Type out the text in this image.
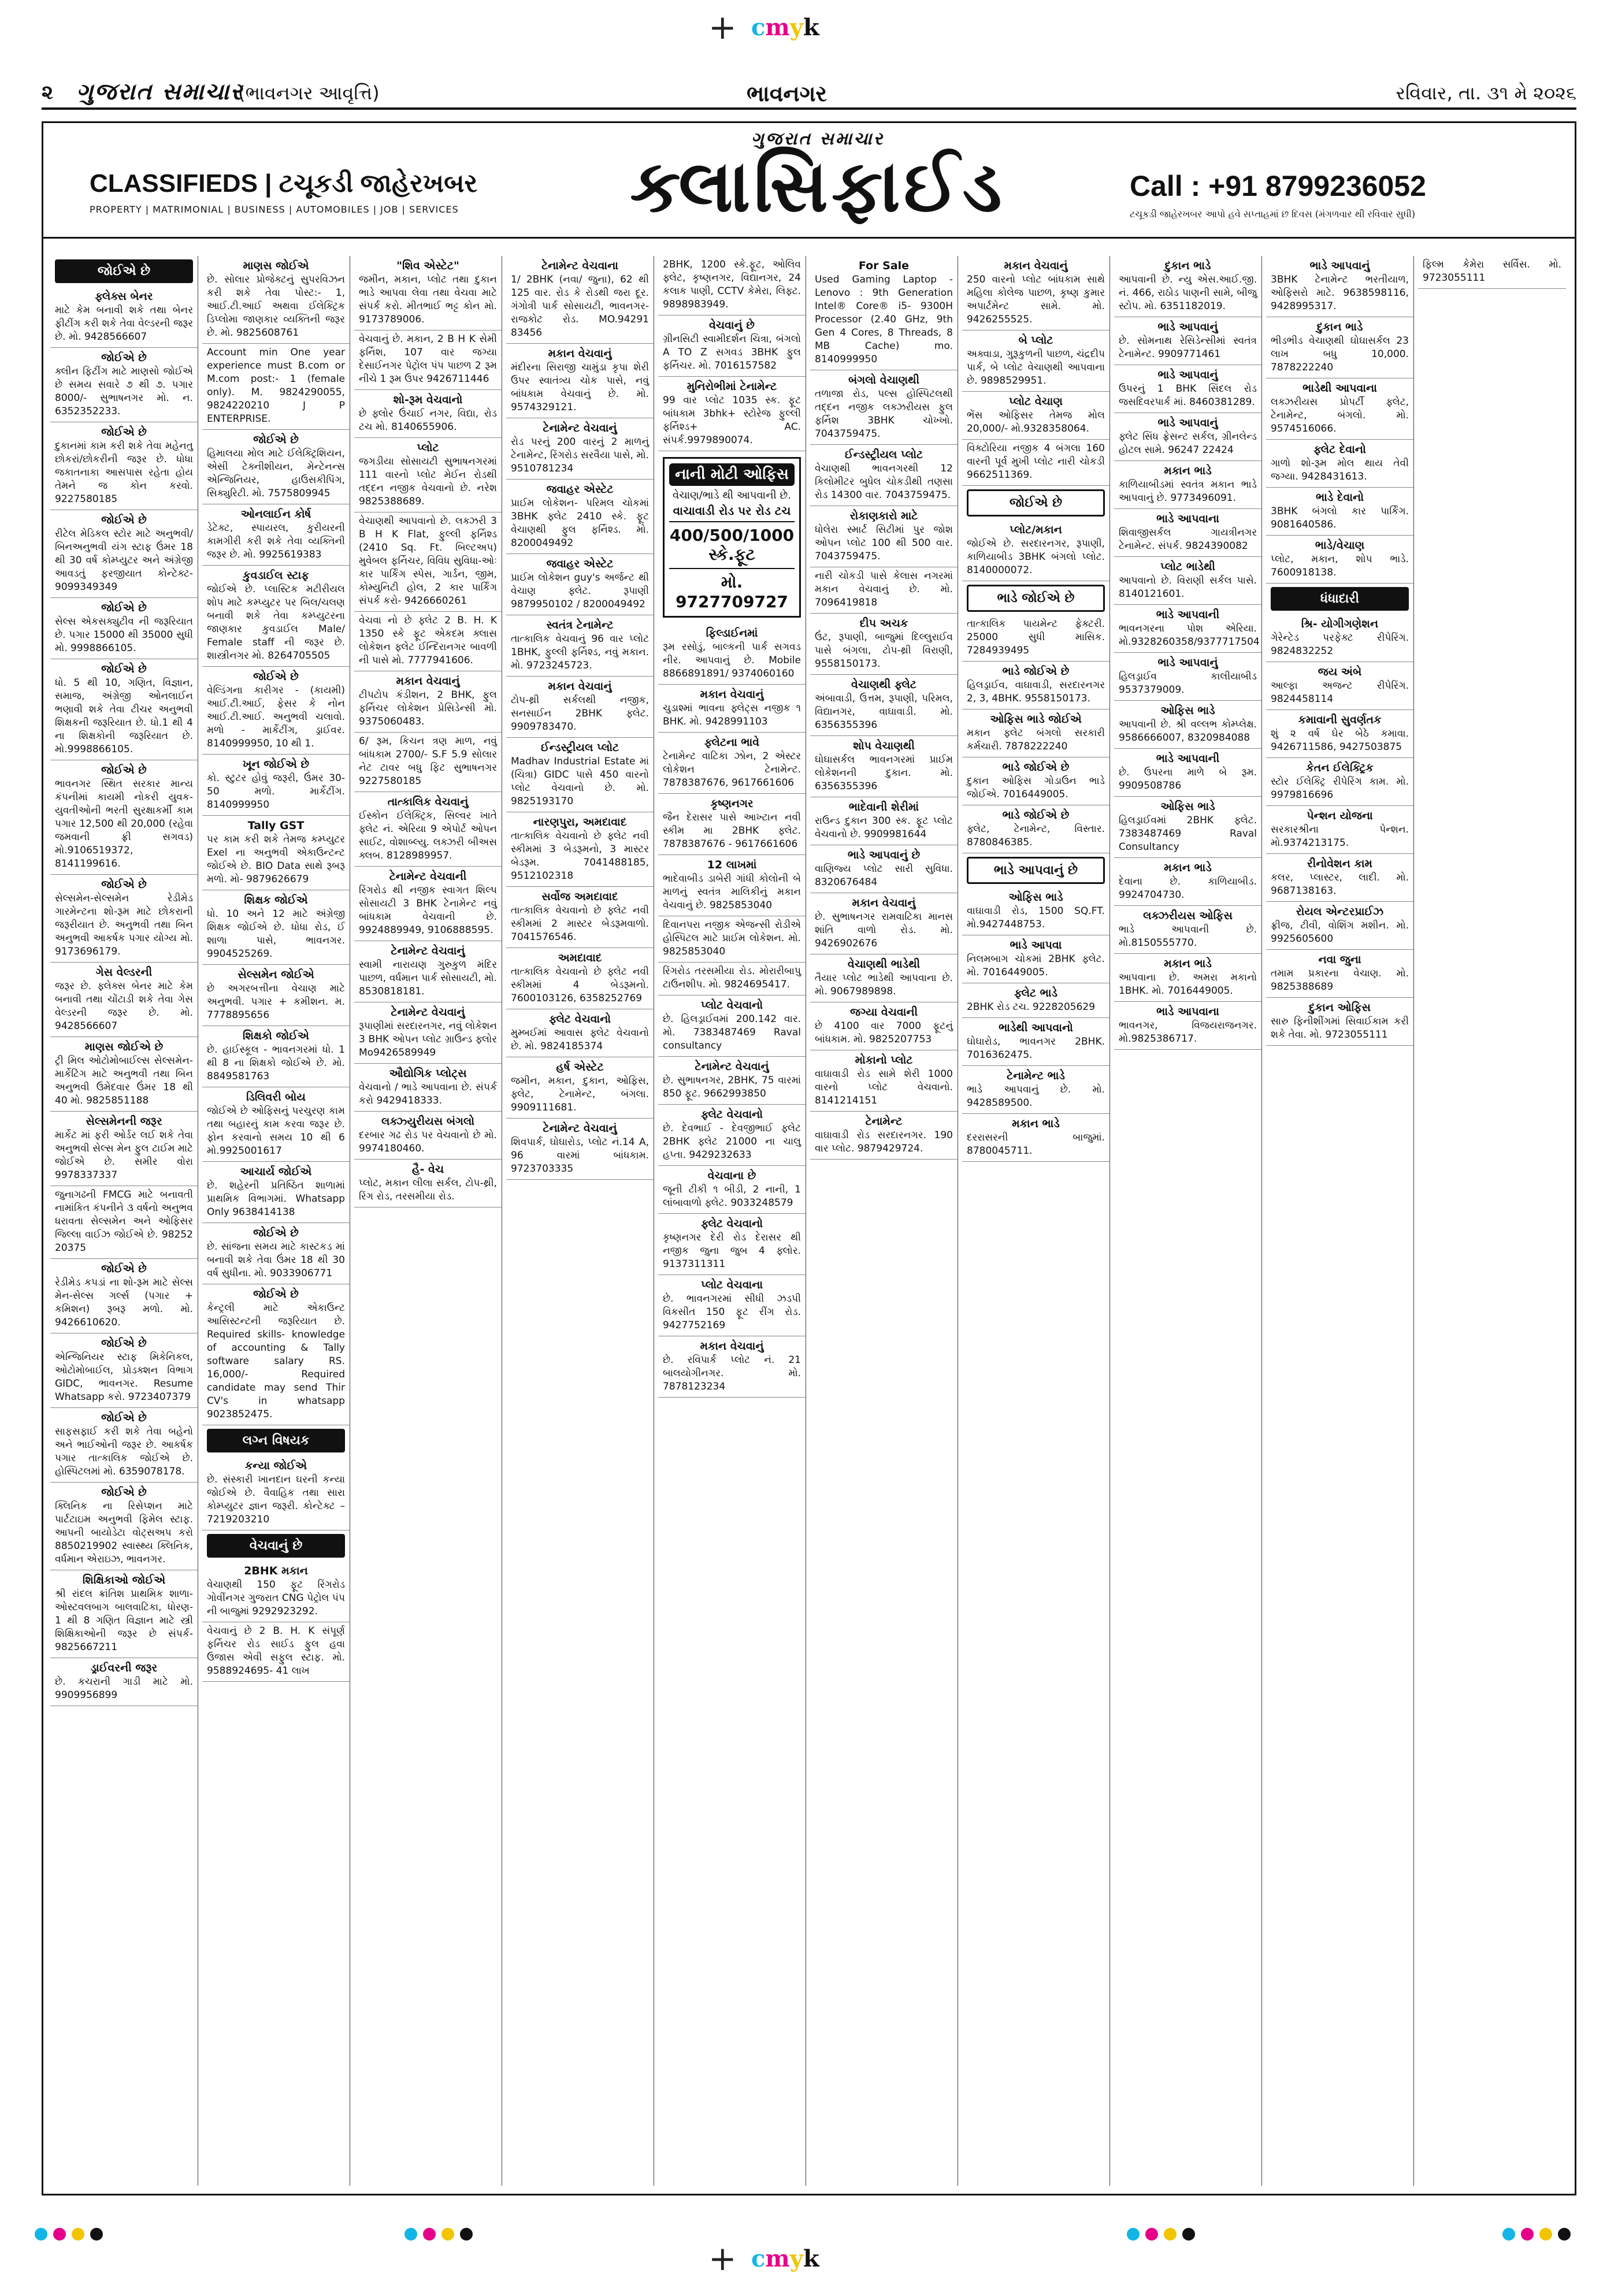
+ cmyk
૨ ગુજરાત સમાચાર
(ભાવનગર આવૃત્તિ)	ભાવનગર	રવિવાર, તા. ૩૧ મે ૨૦૨૬
CLASSIFIEDS | ટચૂકડી જાહેરખબર
PROPERTY | MATRIMONIAL | BUSINESS | AUTOMOBILES | JOB | SERVICES
ગુજરાત સમાચાર
ક્લાસિફાઈડ	Call : +91 8799236052
ટચૂકડી જાહેરખબર આપો હવે સપ્તાહમાં છ દિવસ (મંગળવાર થી રવિવાર સુધી)
જોઈએ છે
ફ્લેક્સ બેનર
માટે કેમ બનાવી શકે તથા બેનર ફીટીંગ કરી શકે તેવા વેલ્ડરની જરૂર છે. મો. 9428566607
જોઈએ છે
ક્લીન ફિટીંગ માટે માણસો જોઈએ છે સમય સવારે ૭ થી ૭. પગાર 8000/- સુભાષનગર મો. ન. 6352352233.
જોઈએ છે
દુકાનમાં કામ કરી શકે તેવા મહેનતુ છોકરાં/છોકરીની જરૂર છે. ધોધા જકાતનાકા આસપાસ રહેતા હોય તેમને જ કોન કરવો. 9227580185
જોઈએ છે
રીટેલ મેડિકલ સ્ટોર માટે અનુભવી/બિનઅનુભવી યંગ સ્ટાફ ઉંમર 18 થી 30 વર્ષ કોમ્પ્યુટર અને અંગ્રેજી આવડતું ફરજીયાત કોન્ટેક્ટ- 9099349349
જોઈએ છે
સેલ્સ એકસક્યુટીવ ની જરૂરિયાત છે. પગાર 15000 થી 35000 સુધી મો. 9998866105.
જોઈએ છે
ધો. 5 થી 10, ગણિત, વિજ્ઞાન, સમાજ, અંગ્રેજી ઓનલાઈન ભણાવી શકે તેવા ટીચર અનુભવી શિક્ષકની જરૂરિયાત છે. ધો.1 થી 4 ના શિક્ષકોની જરૂરિયાત છે. મો.9998866105.
જોઈએ છે
ભાવનગર સ્થિત સરકાર માન્ય કંપનીમાં કાયમી નોકરી યુવક-યુવતીઓની ભરતી સુરક્ષાકર્મી કામ પગાર 12,500 થી 20,000 (રહેવા જમવાની ફ્રી સગવડ) મો.9106519372, 8141199616.
જોઈએ છે
સેલ્સમેન-સેલ્સમેન રેડીમેડ ગારમેન્ટના શો-રૂમ માટે છોકરાની જરૂરીયાત છે. અનુભવી તથા બિન અનુભવી આકર્ષક પગાર યોગ્ય મો. 9173696179.
ગેસ વેલ્ડરની
જરૂર છે. ફ્લેક્સ બેનર માટે કેમ બનાવી તથા ચોંટાડી શકે તેવા ગેસ વેલ્ડરની જરૂર છે. મો. 9428566607
માણસ જોઈએ છે
ટ્રી મિલ ઓટોમોબાઈલ્સ સેલ્સમેન-માર્કેટિંગ માટે અનુભવી તથા બિન અનુભવી ઉમેદવાર ઉંમર 18 થી 40 મો. 9825851188
સેલ્સમેનની જરૂર
માર્કેટ માં ફરી ઓર્ડર લઈ શકે તેવા અનુભવી સેલ્સ મેન ફુલ ટાઈમ માટે જોઈએ છે. સમીર વોરા 9978337337
જુનાગઢની FMCG માટે બનાવતી નામાંકિત કંપનીને ૩ વર્ષનો અનુભવ ધરાવતા સેલ્સમેન અને ઓફિસર જિલ્લા વાઈઝ જોઈએ છે. 98252 20375
જોઈએ છે
રેડીમેડ કપડાં ના શો-રૂમ માટે સેલ્સ મેન-સેલ્સ ગર્લ્સ (પગાર + કમિશન) રૂબરૂ મળો. મો. 9426610620.
જોઈએ છે
એન્જિનિયર સ્ટાફ મિકેનિકલ, ઓટોમોબાઈલ, પ્રોડક્શન વિભાગ GIDC, ભાવનગર. Resume Whatsapp કરો. 9723407379
જોઈએ છે
સાફસફાઈ કરી શકે તેવા બહેનો અને ભાઈઓની જરૂર છે. આકર્ષક પગાર તાત્કાલિક જોઈએ છે. હોસ્પિટલમાં મો. 6359078178.
જોઈએ છે
ક્લિનિક ના રિસેપ્શન માટે પાર્ટટાઇમ અનુભવી ફિમેલ સ્ટાફ. આપની બાયોડેટા વોટ્સઅપ કરો 8850219902 સ્વાસ્થ્ય ક્લિનિક, વર્ધમાન એરાઇઝ, ભાવનગર.
શિક્ષિકાઓ જોઈએ
શ્રી રાંદલ ક્રાંતિશ પ્રાથમિક શાળા- ઓસ્ટવલબાગ બાલવાટિકા, ધોરણ- 1 થી 8 ગણિત વિજ્ઞાન માટે સ્ત્રી શિક્ષિકાઓની જરૂર છે સંપર્ક- 9825667211
ડ્રાઈવરની જરૂર
છે. કચરાની ગાડી માટે મો. 9909956899
માણસ જોઈએ
છે. સોલાર પ્રોજેક્ટનું સુપરવિઝન કરી શકે તેવા પોસ્ટ:- 1, આઈ.ટી.આઈ અથવા ઈલેક્ટ્રિક ડિપ્લોમા જાણકાર વ્યક્તિની જરૂર છે. મો. 9825608761
Account min One year experience must B.com or M.com post:- 1 (female only). M. 9824290055, 9824220210 J P ENTERPRISE.
જોઈએ છે
હિમાલયા મોલ માટે ઈલેક્ટ્રિશિયન, એસી ટેક્નીશીયન, મેન્ટેનન્સ એન્જિનિયર, હાઉસકીપિંગ, સિક્યુરિટી. મો. 7575809945
ઓનલાઈન કોર્ષ
ડેટેક્ટ, સ્પાયરલ, કુરીયરની કામગીરી કરી શકે તેવા વ્યક્તિની જરૂર છે. મો. 9925619383
કુવડાઈલ સ્ટાફ
જોઈએ છે. પ્લાસ્ટિક મટીરીયલ શોપ માટે કમ્પ્યુટર પર બિલ/ચલણ બનાવી શકે તેવા કમ્પ્યુટરના જાણકાર કુવડાઈલ Male/ Female staff ની જરૂર છે. શાસ્ત્રીનગર મો. 8264705505
જોઈએ છે
વેલ્ડિંગના કારીગર - (કાયમી) આઈ.ટી.આઈ, ફેસર કે નોન આઈ.ટી.આઈ. અનુભવી ચલાવો. મળો - માર્કેટીંગ, ડ્રાઈવર. 8140999950, 10 થી 1.
ખૂન જોઈએ છે
કો. સ્ટુટર હોવું જરૂરી, ઉંમર 30-50 મળો. માર્કેટીંગ. 8140999950
Tally GST
પર કામ કરી શકે તેમજ કમ્પ્યુટર Exel ના અનુભવી એકાઉન્ટન્ટ જોઈએ છે. BIO Data સાથે રૂબરૂ મળો. મો- 9879626679
શિક્ષક જોઈએ
ધો. 10 અને 12 માટે અંગ્રેજી શિક્ષક જોઈએ છે. ધોધા રોડ, ઈ શાળા પાસે, ભાવનગર. 9904525269.
સેલ્સમેન જોઈએ
છે અગરબત્તીના વેચાણ માટે અનુભવી. પગાર + કમીશન. મ. 7778895656
શિક્ષકો જોઈએ
છે. હાઈસ્કૂલ - ભાવનગરમાં ધો. 1 થી 8 ના શિક્ષકો જોઈએ છે. મો. 8849581763
ડિલિવરી બોય
જોઈએ છે ઓફિસનું પરચુરણ કામ તથા બહારનું કામ કરવા જરૂર છે. ફોન કરવાનો સમય 10 થી 6 મો.9925001617
આચાર્ય જોઈએ
છે. શહેરની પ્રતિષ્ઠિત શાળામાં પ્રાથમિક વિભાગમાં. Whatsapp Only 9638414138
જોઈએ છે
છે. સાંજના સમય માટે કાસ્ટકડ માં બનાવી શકે તેવા ઉંમર 18 થી 30 વર્ષ સુધીના. મો. 9033906771
જોઈએ છે
કેન્ટ્રલી માટે એકાઉન્ટ આસિસ્ટન્ટની જરૂરિયાત છે. Required skills- knowledge of accounting & Tally software salary RS. 16,000/- Required candidate may send Thir CV's in whatsapp 9023852475.
લગ્ન વિષયક
કન્યા જોઈએ
છે. સંસ્કારી ખાનદાન ઘરની કન્યા જોઈએ છે. વૈવાહિક તથા સારા કોમ્પ્યુટર જ્ઞાન જરૂરી. કોન્ટેક્ટ – 7219203210
વેચવાનું છે
2BHK મકાન
વેચાણથી 150 ફૂટ રિંગરોડ ગોવીંનગર ગુજરાત CNG પેટ્રોલ પંપ ની બાજુમાં 9292923292.
વેચવાનું છે 2 B. H. K સંપૂર્ણ ફર્નિચર રોડ સાઈડ ફુલ હવા ઉજાસ એવી સફુલ સ્ટાફ. મો. 9588924695- 41 લાખ
"શિવ એસ્ટેટ"
જમીન, મકાન, પ્લોટ તથા દુકાન ભાડે આપવા લેવા તથા વેચવા માટે સંપર્ક કરો. મીતભાઈ ભટ્ટ કોન મો. 9173789006.
વેચવાનું છે. મકાન, 2 B H K સેમી ફર્નિશ, 107 વાર જગ્યા દેસાઈનગર પેટ્રોલ પંપ પાછળ 2 રૂમ નીચે 1 રૂમ ઉપર 9426711446
શો-રૂમ વેચવાનો
છે ફ્લોર ઉંચાઈ નગર, વિદ્યા, રોડ ટચ મો. 8140655906.
પ્લોટ
જગડીયા સોસાયટી સુભાષનગરમાં 111 વારનો પ્લોટ મેઈન રોડથી તદ્દન નજીક વેચવાનો છે. નરેશ 9825388689.
વેચાણથી આપવાનો છે. લક્ઝરી 3 B H K Flat, ફુલ્લી ફર્નિશ્ડ (2410 Sq. Ft. બિલ્ટઅપ) મુવેબલ ફર્નિચર, વિવિધ સુવિધા-ઓઃ કાર પાર્કિંગ સ્પેસ, ગાર્ડન, જીમ, કોમ્યુનિટી હોલ, 2 કાર પાર્કિંગ સંપર્ક કરો- 9426660261
વેચવા નો છે ફ્લેટ 2 B. H. K 1350 સ્કે ફૂટ એકદમ ક્લાસ લોકેશન ફ્લેટ ઈન્દિરાનગર બાવળી ની પાસે મો. 7777941606.
મકાન વેચવાનું
ટીપટોપ કંડીશન, 2 BHK, ફુલ ફર્નિચર લોકેશન પ્રેસિડેન્સી મો. 9375060483.
6/ રૂમ, કિચન ત્રણ માળ, નવું બાંધકામ 2700/- S.F 5.9 સોલાર નેટ ટાવર બધુ ફિટ સુભાષનગર 9227580185
તાત્કાલિક વેચવાનું
ઈસ્કોન ઈલેક્ટ્રિક, સિલ્વર ખાતે ફ્લેટ નં. એરિયા 9 એપોર્ટ ઓપન સાઈટ, વોશાબ્લ્યુ. લક્ઝરી બીઅસ ક્લબ. 8128989957.
ટેનામેન્ટ વેચવાની
રિંગરોડ થી નજીક સ્વાગત શિલ્પ સોસાયટી 3 BHK ટેનામેન્ટ નવું બાંધકામ વેચવાની છે. 9924889949, 9106888595.
ટેનામેન્ટ વેચવાનું
સ્વામી નારાયણ ગુરુકુળ મંદિર પાછળ, વર્ધમાન પાર્ક સોસાયટી, મો. 8530818181.
ટેનામેન્ટ વેચવાનું
રૂપાણીમાં સરદારનગર, નવું લોકેશન 3 BHK ઓપન પ્લોટ ગ્રાઉન્ડ ફ્લોર Mo9426589949
ઔદ્યોગિક પ્લોટ્સ
વેચવાનો / ભાડે આપવાના છે. સંપર્ક કરો 9429418333.
લક્ઝ્યુરીયસ બંગલો
દરબાર ગઢ રોડ પર વેચવાનો છે મો. 9974180460.
હૈ- વેચ
પ્લોટ, મકાન લીલા સર્કલ, ટોપ-થ્રી, રિંગ રોડ, તરસમીયા રોડ.
ટેનામેન્ટ વેચવાના
1/ 2BHK (નવા/ જુના), 62 થી 125 વાર. રોડ કે રોડથી જરા દૂર. ગંગોત્રી પાર્ક સોસાયટી, ભાવનગર- રાજકોટ રોડ. MO.94291 83456
મકાન વેચવાનું
મંદીરના સિરાજી ચામુંડા કૃપા શેરી ઉપર સ્વાતંત્ર્ય ચોક પાસે, નવું બાંધકામ વેચવાનું છે. મો. 9574329121.
ટેનામેન્ટ વેચવાનું
રોડ પરનું 200 વારનું 2 માળનું ટેનામેન્ટ, રિંગરોડ સરવૈયા પાસે, મો. 9510781234
જવાહર એસ્ટેટ
પ્રાઈમ લોકેશન- પરિમલ ચોકમાં 3BHK ફ્લેટ 2410 સ્કે. ફૂટ વેચાણથી ફુલ ફર્નિશ્ડ. મો. 8200049492
જવાહર એસ્ટેટ
પ્રાઈમ લોકેશન guy's અર્જન્ટ થી વેચાણ ફ્લેટ. રૂપાણી 9879950102 / 8200049492
સ્વતંત્ર ટેનામેન્ટ
તાત્કાલિક વેચવાનું 96 વાર પ્લોટ 1BHK, ફુલ્લી ફર્નિશ્ડ, નવું મકાન. મો. 9723245723.
મકાન વેચવાનું
ટોપ-થ્રી સર્કલથી નજીક, સનસાઈન 2BHK ફ્લેટ. 9909783470.
ઈન્ડસ્ટ્રીયલ પ્લોટ
Madhav Industrial Estate માં (ચિત્રા) GIDC પાસે 450 વારનો પ્લોટ વેચવાનો છે. મો. 9825193170
નારણપુરા, અમદાવાદ
તાત્કાલિક વેચવાનો છે ફ્લેટ નવી સ્કીમમાં 3 બેડરૂમનો, 3 માસ્ટર બેડરૂમ. 7041488185, 9512102318
સર્વોજ અમદાવાદ
તાત્કાલિક વેચવાનો છે ફ્લેટ નવી સ્કીમમાં 2 માસ્ટર બેડરૂમવાળો. 7041576546.
અમદાવાદ
તાત્કાલિક વેચવાનો છે ફ્લેટ નવી સ્કીમમાં 4 બેડરૂમનો. 7600103126, 6358252769
ફ્લેટ વેચવાનો
મુમ્બઈમાં આવાસ ફ્લેટ વેચવાનો છે. મો. 9824185374
હર્ષ એસ્ટેટ
જમીન, મકાન, દુકાન, ઓફિસ, ફ્લેટ, ટેનામેન્ટ, બંગલા. 9909111681.
ટેનામેન્ટ વેચવાનું
શિવપાર્ક, ઘોઘારોડ, પ્લોટ નં.14 A, 96 વારમાં બાંધકામ. 9723703335
2BHK, 1200 સ્કે.ફૂટ, ઓલિવ ફ્લેટ, કૃષ્ણનગર, વિદ્યાનગર, 24 કલાક પાણી, CCTV કેમેરા, લિફ્ટ. 9898983949.
વેચવાનું છે
ગ્રીનસિટી સ્વામીદર્શન ચિત્રા, બંગલો A TO Z સગવડ 3BHK ફુલ ફર્નિચર. મો. 7016157582
મુનિરોભીમાં ટેનામેન્ટ
99 વાર પ્લોટ 1035 સ્ક. ફૂટ બાંધકામ 3bhk+ સ્ટોરેજ ફુલ્લી ફર્નિશ્ડ+ AC. સંપર્ક.9979890074.
નાની મોટી ઓફિસ
વેચાણ/ભાડે થી આપવાની છે.
વાચાવાડી રોડ પર રોડ ટચ
400/500/1000 સ્કે.ફૂટ
મો. 9727709727
ફિલ્ડાઈનમાં
રૂમ રસોડું, બાલ્કની પાર્ક સગવડ નીર. આપવાનું છે. Mobile 8866891891/ 9374060160
મકાન વેચવાનું
ચુડાશ્માં ભાવના ફ્લેટ્સ નજીક ૧ BHK. મો. 9428991103
ફ્લેટના ભાવે
ટેનામેન્ટ વાટિકા ઝોન, 2 એસ્ટર લોકેશન ટેનામેન્ટ. 7878387676, 9617661606
કૃષ્ણનગર
જૈન દેરાસર પાસે આખ્ટાન નવી સ્કીમ મા 2BHK ફ્લેટ. 7878387676 - 9617661606
12 લાખમાં
ભાદેવાબીડ ડાબેરી ગાંધી કોલોની બે માળનું સ્વતંત્ર માલિકીનું મકાન વેચવાનું છે. 9825853040
દિવાનપરા નજીક એજન્સી રોડીએ હોસ્પિટલ માટે પ્રાઈમ લોકેશન. મો. 9825853040
રિંગરોડ તરસમીયા રોડ. મોરારીબાપુ ટાઉનશીપ. મો. 9824695417.
પ્લોટ વેચવાનો
છે. હિલડ્રાઈવમાં 200.142 વાર. મો. 7383487469 Raval consultancy
ટેનામેન્ટ વેચવાનું
છે. સુભાષનગર, 2BHK, 75 વારમાં 850 ફૂટ. 9662993850
ફ્લેટ વેચવાનો
છે. દેવભાઈ - દેવજીભાઈ ફ્લેટ 2BHK ફ્લેટ 21000 ના ચાલુ હપ્તા. 9429232633
વેચવાના છે
જૂની ટીકી ૧ બીડી, 2 નાની, 1 લાંબાવાળો ફ્લેટ. 9033248579
ફ્લેટ વેચવાનો
કૃષ્ણનગર દેરી રોડ દેરાસર થી નજીક જુના જુબ 4 ફ્લોર. 9137311311
પ્લોટ વેચવાના
છે. ભાવનગરમાં સીધી ઝડપી વિકસીત 150 ફૂટ રીંગ રોડ. 9427752169
મકાન વેચવાનું
છે. રવિપાર્ક પ્લોટ નં. 21 બાલયોગીનગર. મો. 7878123234
For Sale
Used Gaming Laptop - Lenovo : 9th Generation Intel® Core® i5- 9300H Processor (2.40 GHz, 9th Gen 4 Cores, 8 Threads, 8 MB Cache) mo. 8140999950
બંગલો વેચાણથી
તળાજા રોડ, પલ્સ હોસ્પિટલથી તદ્દન નજીક લક્ઝરીયસ ફુલ ફર્નિશ 3BHK ચોખ્ખો. 7043759475.
ઈન્ડસ્ટ્રીયલ પ્લોટ
વેચાણથી ભાવનગરથી 12 કિલોમીટર બુધેલ ચોકડીથી તણસા રોડ 14300 વાર. 7043759475.
રોકાણકારો માટે
ધોલેરા સ્માર્ટ સિટીમાં પુર જોશ ઓપન પ્લોટ 100 થી 500 વાર. 7043759475.
નારી ચોકડી પાસે કેલાસ નગરમાં મકાન વેચવાનું છે. મો. 7096419818
દીપ અચક
ઉંટ, રૂપાણી, બાજુમાં દિલ્લુરાઈવ પાસે બંગલા, ટોપ-થ્રી વિરાણી, 9558150173.
વેચાણથી ફ્લેટ
અંબાવાડી, ઉત્તમ, રૂપાણી, પરિમલ, વિદ્યાનગર, વાઘાવાડી. મો. 6356355396
શોપ વેચાણથી
ઘોઘાસર્કલ ભાવનગરમાં પ્રાઈમ લોકેશનની દુકાન. મો. 6356355396
ભાદેવાની શેરીમાં
રાઉન્ડ દુકાન 300 સ્ક. ફૂટ પ્લોટ વેચવાનો છે. 9909981644
ભાડે આપવાનું છે
વાણિજ્ય પ્લોટ સારી સુવિધા. 8320676484
મકાન વેચવાનું
છે. સુભાષનગર રામવાટિકા માનસ શાંતિ વાળો રોડ. મો. 9426902676
વેચાણથી ભાડેથી
તૈયાર પ્લોટ ભાડેથી આપવાના છે. મો. 9067989898.
જગ્યા વેચવાની
છે 4100 વાર 7000 ફૂટનું બાંધકામ. મો. 9825207753
મોકાનો પ્લોટ
વાઘાવાડી રોડ સામે શેરી 1000 વારનો પ્લોટ વેચવાનો. 8141214151
ટેનામેન્ટ
વાઘાવાડી રોડ સરદારનગર. 190 વાર પ્લોટ. 9879429724.
મકાન વેચવાનું
250 વારનો પ્લોટ બાંધકામ સાથે મહિલા કોલેજ પાછળ, કૃષ્ણ કુમાર અપાર્ટમેન્ટ સામે. મો. 9426255525.
બે પ્લોટ
અક્વાડા, ગુરૂકુળની પાછળ, ચંદ્રદીપ પાર્ક, બે પ્લોટ વેચાણથી આપવાના છે. 9898529951.
પ્લોટ વેચાણ
ભેંસ ઓફિસર તેમજ મોલ 20,000/- મો.9328358064.
વિક્ટોરિયા નજીક 4 બંગલા 160 વારની પૂર્વ મુખી પ્લોટ નારી ચોકડી 9662511369.
જોઈએ છે
પ્લોટ/મકાન
જોઈએ છે. સરદારનગર, રૂપાણી, કાળિયાબીડ 3BHK બંગલો પ્લોટ. 8140000072.
ભાડે જોઈએ છે
તાત્કાલિક પાયમેન્ટ ફેક્ટરી. 25000 સુધી માસિક. 7284939495
ભાડે જોઈએ છે
હિલડ્રાઈવ, વાઘાવાડી, સરદારનગર 2, 3, 4BHK. 9558150173.
ઓફિસ ભાડે જોઈએ
મકાન ફ્લેટ બંગલો સરકારી કર્મચારી. 7878222240
ભાડે જોઈએ છે
દુકાન ઓફિસ ગોડાઉન ભાડે જોઈએ. 7016449005.
ભાડે જોઈએ છે
ફ્લેટ, ટેનામેન્ટ, વિસ્તાર. 8780846385.
ભાડે આપવાનું છે
ઓફિસ ભાડે
વાઘાવાડી રોડ, 1500 SQ.FT. મો.9427448753.
ભાડે આપવા
નિલમબાગ ચોકમાં 2BHK ફ્લેટ. મો. 7016449005.
ફ્લેટ ભાડે
2BHK રોડ ટચ. 9228205629
ભાડેથી આપવાનો
ઘોઘારોડ, ભાવનગર 2BHK. 7016362475.
ટેનામેન્ટ ભાડે
ભાડે આપવાનું છે. મો. 9428589500.
મકાન ભાડે
દરરાસરની બાજુમાં. 8780045711.
દુકાન ભાડે
આપવાની છે. ન્યુ એસ.આઈ.જી. નં. 466, રાઠોડ પાણની સામે, બીજુ સ્ટોપ. મો. 6351182019.
ભાડે આપવાનું
છે. સોમનાથ રેસિડેન્સીમાં સ્વતંત્ર ટેનામેન્ટ. 9909771461
ભાડે આપવાનું
ઉપરનું 1 BHK સિંદલ રોડ જસદિવરપાર્ક માં. 8460381289.
ભાડે આપવાનું
ફ્લેટ સિંધ ફ્રેસન્ટ સર્કલ, ગ્રીનલેન્ડ હોટલ સામે. 96247 22424
મકાન ભાડે
કાળિયાબીડમાં સ્વતંત્ર મકાન ભાડે આપવાનું છે. 9773496091.
ભાડે આપવાના
શિવાજીસર્કલ ગાયત્રીનગર ટેનામેન્ટ. સંપર્ક. 9824390082
પ્લોટ ભાડેથી
આપવાનો છે. વિરાણી સર્કલ પાસે. 8140121601.
ભાડે આપવાની
ભાવનગરના પોશ એરિયા. મો.9328260358/9377717504
ભાડે આપવાનું
હિલડ્રાઈવ કાલીયાબીડ 9537379009.
ઓફિસ ભાડે
આપવાની છે. શ્રી વલ્લભ કોમ્પ્લેક્ષ. 9586666007, 8320984088
ભાડે આપવાની
છે. ઉપરના માળે બે રૂમ. 9909508786
ઓફિસ ભાડે
હિલડ્રાઈવમાં 2BHK ફ્લેટ. 7383487469 Raval Consultancy
મકાન ભાડે
દેવાના છે. કાળિયાબીડ. 9924704730.
લક્ઝરીયસ ઓફિસ
ભાડે આપવાની છે. મો.8150555770.
મકાન ભાડે
આપવાના છે. અમરા મકાનો 1BHK. મો. 7016449005.
ભાડે આપવાના
ભાવનગર, વિજયરાજનગર. મો.9825386717.
ભાડે આપવાનું
3BHK ટેનામેન્ટ ભરતીયાળ, ઓફિસરો માટે. 9638598116, 9428995317.
દુકાન ભાડે
ભીડભીડ વેચાણથી ઘોઘાસર્કલ 23 લાખ બધુ 10,000. 7878222240
ભાડેથી આપવાના
લક્ઝરીયસ પ્રોપર્ટી ફ્લેટ, ટેનામેન્ટ, બંગલો. મો. 9574516066.
ફ્લેટ દેવાનો
ગાળો શો-રૂમ મોલ થાય તેવી જગ્યા. 9428431613.
ભાડે દેવાનો
3BHK બંગલો કાર પાર્કિંગ. 9081640586.
ભાડે/વેચાણ
પ્લોટ, મકાન, શોપ ભાડે. 7600918138.
ધંધાદારી
શ્રિ- યોગીગણેશન
ગેરેન્ટેડ પરફેક્ટ રીપેરિંગ. 9824832252
જય અંબે
આલ્ફા અજન્ટ રીપેરિંગ. 9824458114
કમાવાની સુવર્ણતક
શું ૨ વર્ષ ઘેર બેઠે કમાવા. 9426711586, 9427503875
કેતન ઈલેક્ટ્રિક
સ્ટોર ઈલેક્ટ્રિ રીપેરિંગ કામ. મો. 9979816696
પેન્શન યોજના
સરકારશ્રીના પેન્શન. મો.9374213175.
રીનોવેશન કામ
કલર, પ્લાસ્ટર, લાદી. મો. 9687138163.
રોયલ એન્ટરપ્રાઈઝ
ફ્રીજ, ટીવી, વોશિંગ મશીન. મો. 9925605600
નવા જુના
તમામ પ્રકારના વેચાણ. મો. 9825388689
દુકાન ઓફિસ
સારુ ફિનીશીંગમાં સિવાઈકામ કરી શકે તેવા. મો. 9723055111
ફિલ્મ કેમેરા સર્વિસ. મો. 9723055111
+ cmyk
